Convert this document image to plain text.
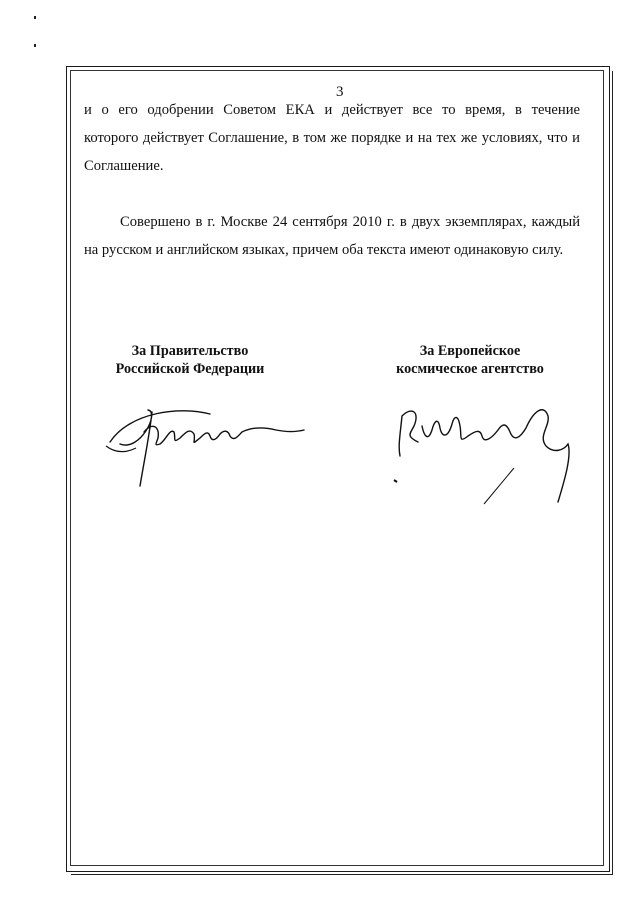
3
и о его одобрении Советом ЕКА и действует все то время, в течение
которого действует Соглашение, в том же порядке и на тех же условиях, что и
Соглашение.
Совершено в г. Москве 24 сентября 2010 г. в двух экземплярах, каждый
на русском и английском языках, причем оба текста имеют одинаковую силу.
За Правительство
Российской Федерации
За Европейское
космическое агентство
